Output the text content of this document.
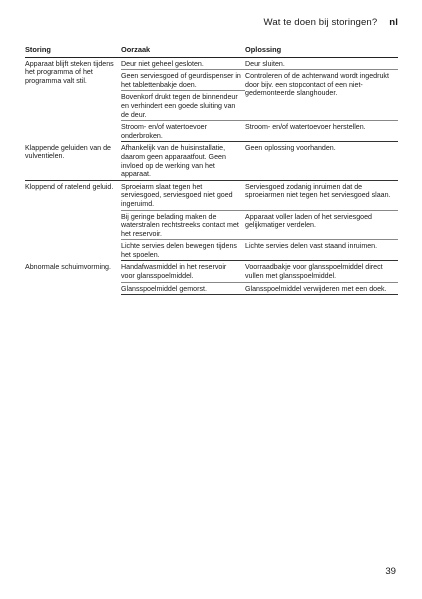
Wat te doen bij storingen? nl
Storing	Oorzaak	Oplossing
Apparaat blijft steken tijdens het programma of het programma valt stil.	Deur niet geheel gesloten.	Deur sluiten.
	Geen serviesgoed of geurdispenser in het tablettenbakje doen.	Controleren of de achterwand wordt ingedrukt door bijv. een stopcontact of een niet-gedemonteerde slanghouder.
	Bovenkorf drukt tegen de binnendeur en verhindert een goede sluiting van de deur.	
	Stroom- en/of watertoevoer onderbroken.	Stroom- en/of watertoevoer herstellen.
Klappende geluiden van de vulventielen.	Afhankelijk van de huisinstallatie, daarom geen apparaatfout. Geen invloed op de werking van het apparaat.	Geen oplossing voorhanden.
Kloppend of ratelend geluid.	Sproeiarm slaat tegen het serviesgoed, serviesgoed niet goed ingeruimd.	Serviesgoed zodanig inruimen dat de sproeiarmen niet tegen het serviesgoed slaan.
	Bij geringe belading maken de waterstralen rechtstreeks contact met het reservoir.	Apparaat voller laden of het serviesgoed gelijkmatiger verdelen.
	Lichte servies delen bewegen tijdens het spoelen.	Lichte servies delen vast staand inruimen.
Abnormale schuimvorming.	Handafwasmiddel in het reservoir voor glansspoelmiddel.	Voorraadbakje voor glansspoelmiddel direct vullen met glansspoelmiddel.
	Glansspoelmiddel gemorst.	Glansspoelmiddel verwijderen met een doek.
39
